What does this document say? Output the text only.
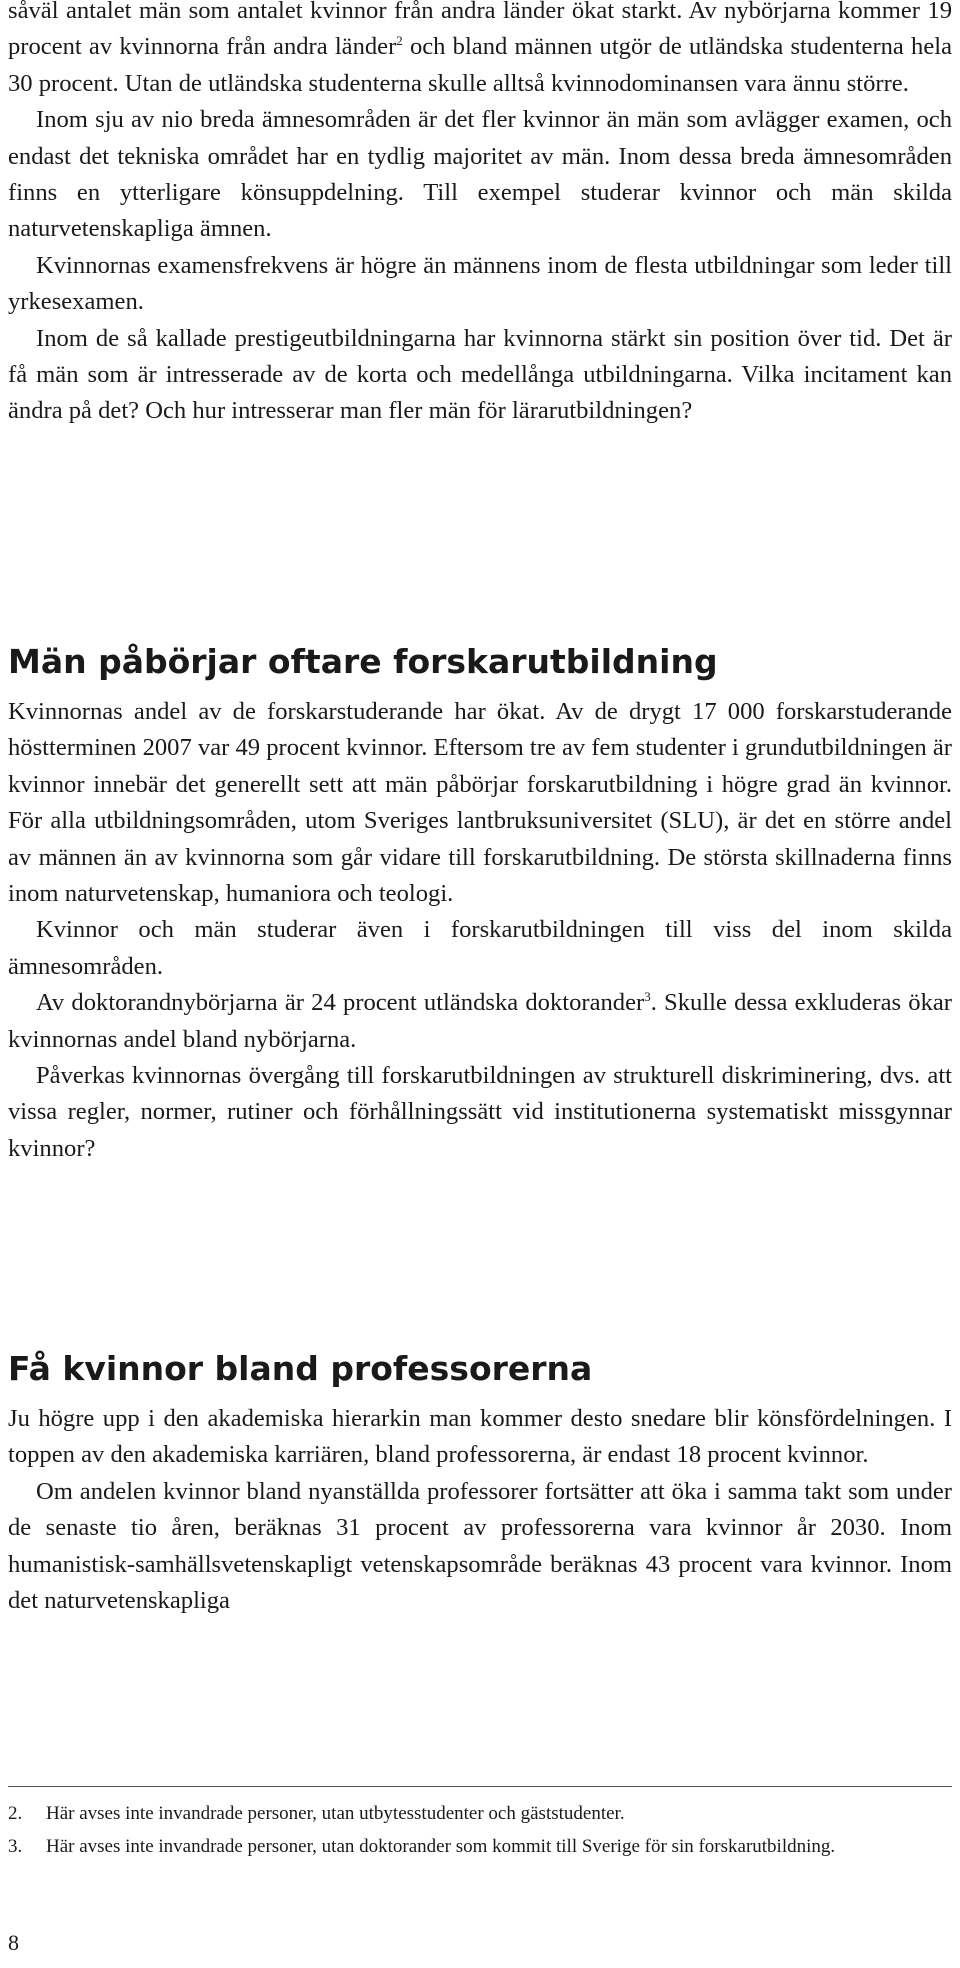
såväl antalet män som antalet kvinnor från andra länder ökat starkt. Av nybörjarna kommer 19 procent av kvinnorna från andra länder$^2$ och bland männen utgör de utländska studenterna hela 30 procent. Utan de utländska studenterna skulle alltså kvinnodominansen vara ännu större.

Inom sju av nio breda ämnesområden är det fler kvinnor än män som avlägger examen, och endast det tekniska området har en tydlig majoritet av män. Inom dessa breda ämnesområden finns en ytterligare könsuppdelning. Till exempel studerar kvinnor och män skilda naturvetenskapliga ämnen.

Kvinnornas examensfrekvens är högre än männens inom de flesta utbildningar som leder till yrkesexamen.

Inom de så kallade prestigeutbildningarna har kvinnorna stärkt sin position över tid. Det är få män som är intresserade av de korta och medellånga utbildningarna. Vilka incitament kan ändra på det? Och hur intresserar man fler män för lärarutbildningen?

Män påbörjar oftare forskarutbildning

Kvinnornas andel av de forskarstuderande har ökat. Av de drygt 17 000 forskarstuderande höstterminen 2007 var 49 procent kvinnor. Eftersom tre av fem studenter i grundutbildningen är kvinnor innebär det generellt sett att män påbörjar forskarutbildning i högre grad än kvinnor. För alla utbildningsområden, utom Sveriges lantbruksuniversitet (SLU), är det en större andel av männen än av kvinnorna som går vidare till forskarutbildning. De största skillnaderna finns inom naturvetenskap, humaniora och teologi.

Kvinnor och män studerar även i forskarutbildningen till viss del inom skilda ämnesområden.

Av doktorandnybörjarna är 24 procent utländska doktorander$^3$. Skulle dessa exkluderas ökar kvinnornas andel bland nybörjarna.

Påverkas kvinnornas övergång till forskarutbildningen av strukturell diskriminering, dvs. att vissa regler, normer, rutiner och förhållningssätt vid institutionerna systematiskt missgynnar kvinnor?

Få kvinnor bland professorerna

Ju högre upp i den akademiska hierarkin man kommer desto snedare blir könsfördelningen. I toppen av den akademiska karriären, bland professorerna, är endast 18 procent kvinnor.

Om andelen kvinnor bland nyanställda professorer fortsätter att öka i samma takt som under de senaste tio åren, beräknas 31 procent av professorerna vara kvinnor år 2030. Inom humanistisk-samhällsvetenskapligt vetenskapsområde beräknas 43 procent vara kvinnor. Inom det naturvetenskapliga

2. Här avses inte invandrade personer, utan utbytesstudenter och gäststudenter.

3. Här avses inte invandrade personer, utan doktorander som kommit till Sverige för sin forskarutbildning.

8
